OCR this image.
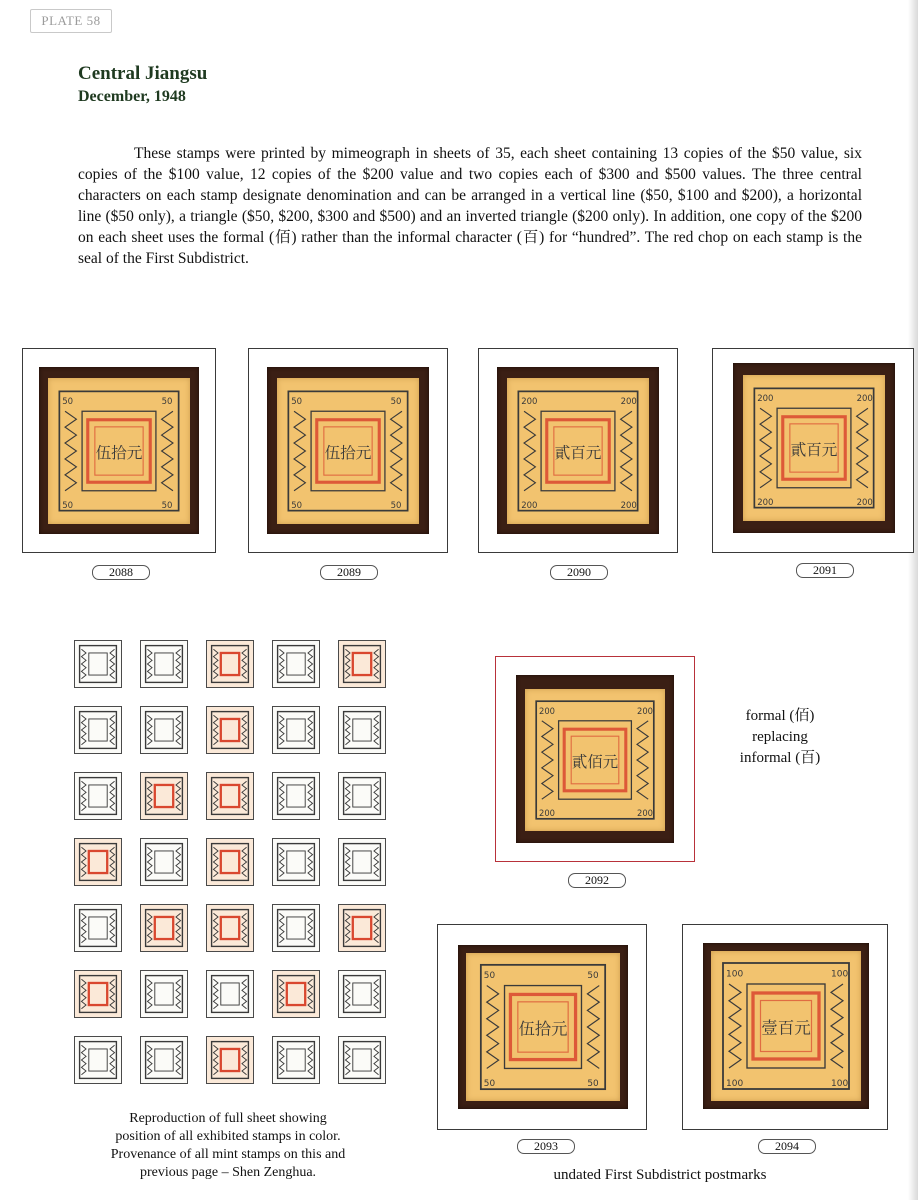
PLATE 58
Central Jiangsu
December, 1948
These stamps were printed by mimeograph in sheets of 35, each sheet containing 13 copies of the $50 value, six copies of the $100 value, 12 copies of the $200 value and two copies each of $300 and $500 values. The three central characters on each stamp designate denomination and can be arranged in a vertical line ($50, $100 and $200), a horizontal line ($50 only), a triangle ($50, $200, $300 and $500) and an inverted triangle ($200 only). In addition, one copy of the $200 on each sheet uses the formal (佰) rather than the informal character (百) for “hundred”. The red chop on each stamp is the seal of the First Subdistrict.
50	50
50	50
伍拾元
2088
50	50
50	50
伍拾元
2089
200	200
200	200
貳百元
2090
200	200
200	200
貳百元
2091
Reproduction of full sheet showing
position of all exhibited stamps in color.
Provenance of all mint stamps on this and
previous page – Shen Zenghua.
200	200
200	200
貳佰元
2092
formal (佰)
replacing
informal (百)
50	50
50	50
伍拾元
2093
100	100
100	100
壹百元
2094
undated First Subdistrict postmarks
